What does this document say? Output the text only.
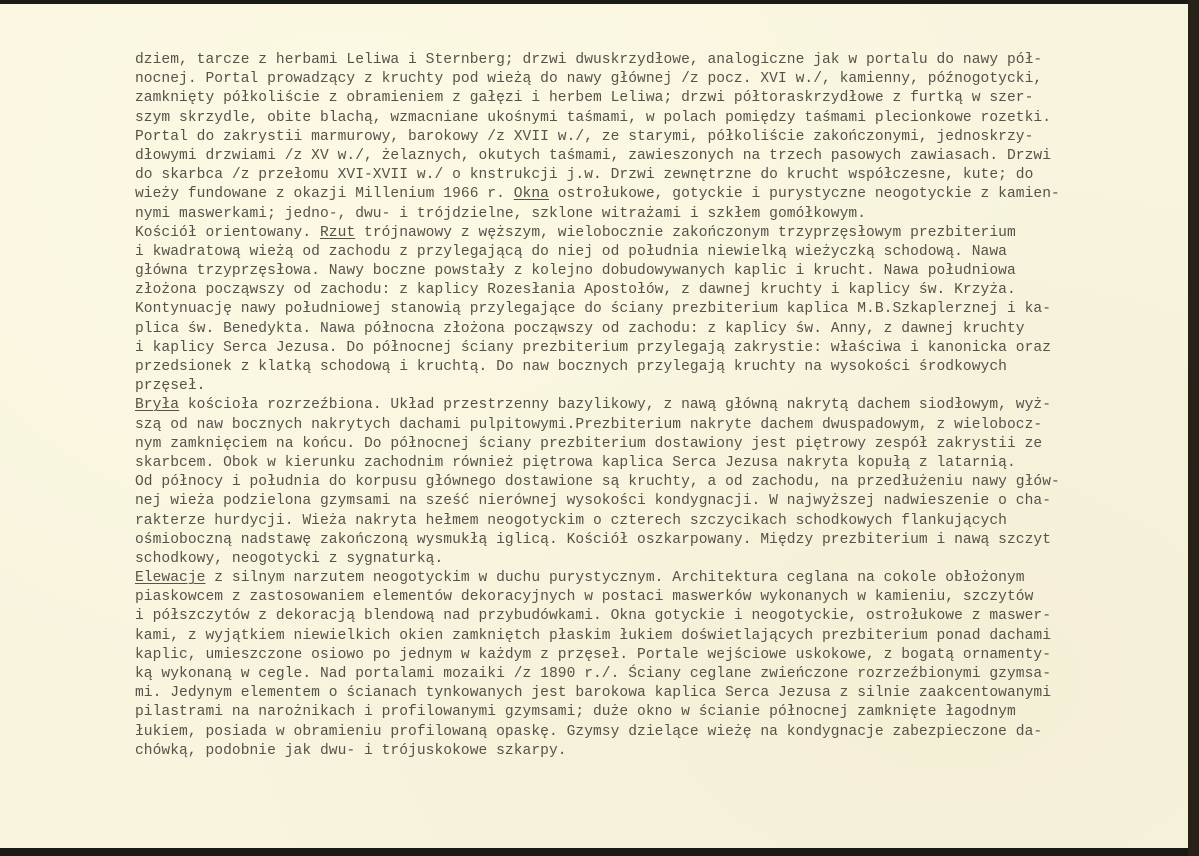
dziem, tarcze z herbami Leliwa i Sternberg; drzwi dwuskrzydłowe, analogiczne jak w portalu do nawy pół-
nocnej. Portal prowadzący z kruchty pod wieżą do nawy głównej /z pocz. XVI w./, kamienny, późnogotycki,
zamknięty półkoliście z obramieniem z gałęzi i herbem Leliwa; drzwi półtoraskrzydłowe z furtką w szer-
szym skrzydle, obite blachą, wzmacniane ukośnymi taśmami, w polach pomiędzy taśmami plecionkowe rozetki.
Portal do zakrystii marmurowy, barokowy /z XVII w./, ze starymi, półkoliście zakończonymi, jednoskrzy-
dłowymi drzwiami /z XV w./, żelaznych, okutych taśmami, zawieszonych na trzech pasowych zawiasach. Drzwi
do skarbca /z przełomu XVI-XVII w./ o knstrukcji j.w. Drzwi zewnętrzne do krucht współczesne, kute; do
wieży fundowane z okazji Millenium 1966 r. Okna ostrołukowe, gotyckie i purystyczne neogotyckie z kamien-
nymi maswerkami; jedno-, dwu- i trójdzielne, szklone witrażami i szkłem gomółkowym.
Kościół orientowany. Rzut trójnawowy z węższym, wielobocznie zakończonym trzyprzęsłowym prezbiterium
i kwadratową wieżą od zachodu z przylegającą do niej od południa niewielką wieżyczką schodową. Nawa
główna trzyprzęsłowa. Nawy boczne powstały z kolejno dobudowywanych kaplic i krucht. Nawa południowa
złożona począwszy od zachodu: z kaplicy Rozesłania Apostołów, z dawnej kruchty i kaplicy św. Krzyża.
Kontynuację nawy południowej stanowią przylegające do ściany prezbiterium kaplica M.B.Szkaplerznej i ka-
plica św. Benedykta. Nawa północna złożona począwszy od zachodu: z kaplicy św. Anny, z dawnej kruchty
i kaplicy Serca Jezusa. Do północnej ściany prezbiterium przylegają zakrystie: właściwa i kanonicka oraz
przedsionek z klatką schodową i kruchtą. Do naw bocznych przylegają kruchty na wysokości środkowych
przęseł.
Bryła kościoła rozrzeźbiona. Układ przestrzenny bazylikowy, z nawą główną nakrytą dachem siodłowym, wyż-
szą od naw bocznych nakrytych dachami pulpitowymi.Prezbiterium nakryte dachem dwuspadowym, z wielobocz-
nym zamknięciem na końcu. Do północnej ściany prezbiterium dostawiony jest piętrowy zespół zakrystii ze
skarbcem. Obok w kierunku zachodnim również piętrowa kaplica Serca Jezusa nakryta kopułą z latarnią.
Od północy i południa do korpusu głównego dostawione są kruchty, a od zachodu, na przedłużeniu nawy głów-
nej wieża podzielona gzymsami na sześć nierównej wysokości kondygnacji. W najwyższej nadwieszenie o cha-
rakterze hurdycji. Wieża nakryta hełmem neogotyckim o czterech szczycikach schodkowych flankujących
ośmioboczną nadstawę zakończoną wysmukłą iglicą. Kościół oszkarpowany. Między prezbiterium i nawą szczyt
schodkowy, neogotycki z sygnaturką.
Elewacje z silnym narzutem neogotyckim w duchu purystycznym. Architektura ceglana na cokole obłożonym
piaskowcem z zastosowaniem elementów dekoracyjnych w postaci maswerków wykonanych w kamieniu, szczytów
i półszczytów z dekoracją blendową nad przybudówkami. Okna gotyckie i neogotyckie, ostrołukowe z maswer-
kami, z wyjątkiem niewielkich okien zamkniętch płaskim łukiem doświetlających prezbiterium ponad dachami
kaplic, umieszczone osiowo po jednym w każdym z przęseł. Portale wejściowe uskokowe, z bogatą ornamenty-
ką wykonaną w cegle. Nad portalami mozaiki /z 1890 r./. Ściany ceglane zwieńczone rozrzeźbionymi gzymsa-
mi. Jedynym elementem o ścianach tynkowanych jest barokowa kaplica Serca Jezusa z silnie zaakcentowanymi
pilastrami na narożnikach i profilowanymi gzymsami; duże okno w ścianie północnej zamknięte łagodnym
łukiem, posiada w obramieniu profilowaną opaskę. Gzymsy dzielące wieżę na kondygnacje zabezpieczone da-
chówką, podobnie jak dwu- i trójuskokowe szkarpy.
